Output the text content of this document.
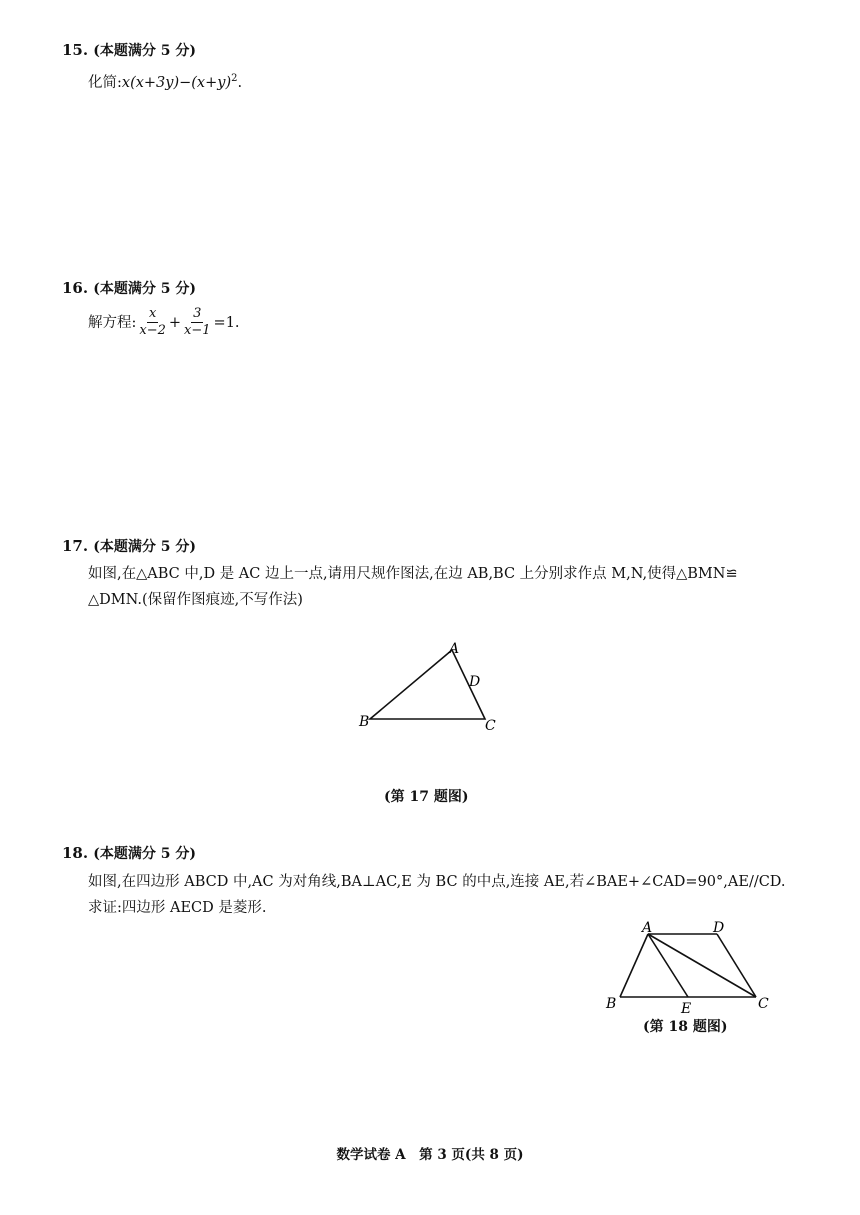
15. (本题满分 5 分)
化简$:x(x+3y)-(x+y)^2$.
16. (本题满分 5 分)
解方程: $\frac{x}{x-2} + \frac{3}{x-1} =1$.
17. (本题满分 5 分)
如图,在△ABC 中,D 是 AC 边上一点,请用尺规作图法,在边 AB,BC 上分别求作点 M,N,使得△BMN≌
△DMN.(保留作图痕迹,不写作法)
A
B	C
D
(第 17 题图)
18. (本题满分 5 分)
如图,在四边形 ABCD 中,AC 为对角线,BA⊥AC,E 为 BC 的中点,连接 AE,若∠BAE+∠CAD=90°,AE//CD.
求证:四边形 AECD 是菱形.
A	D
B	E	C
(第 18 题图)
数学试卷 A　第 3 页(共 8 页)
